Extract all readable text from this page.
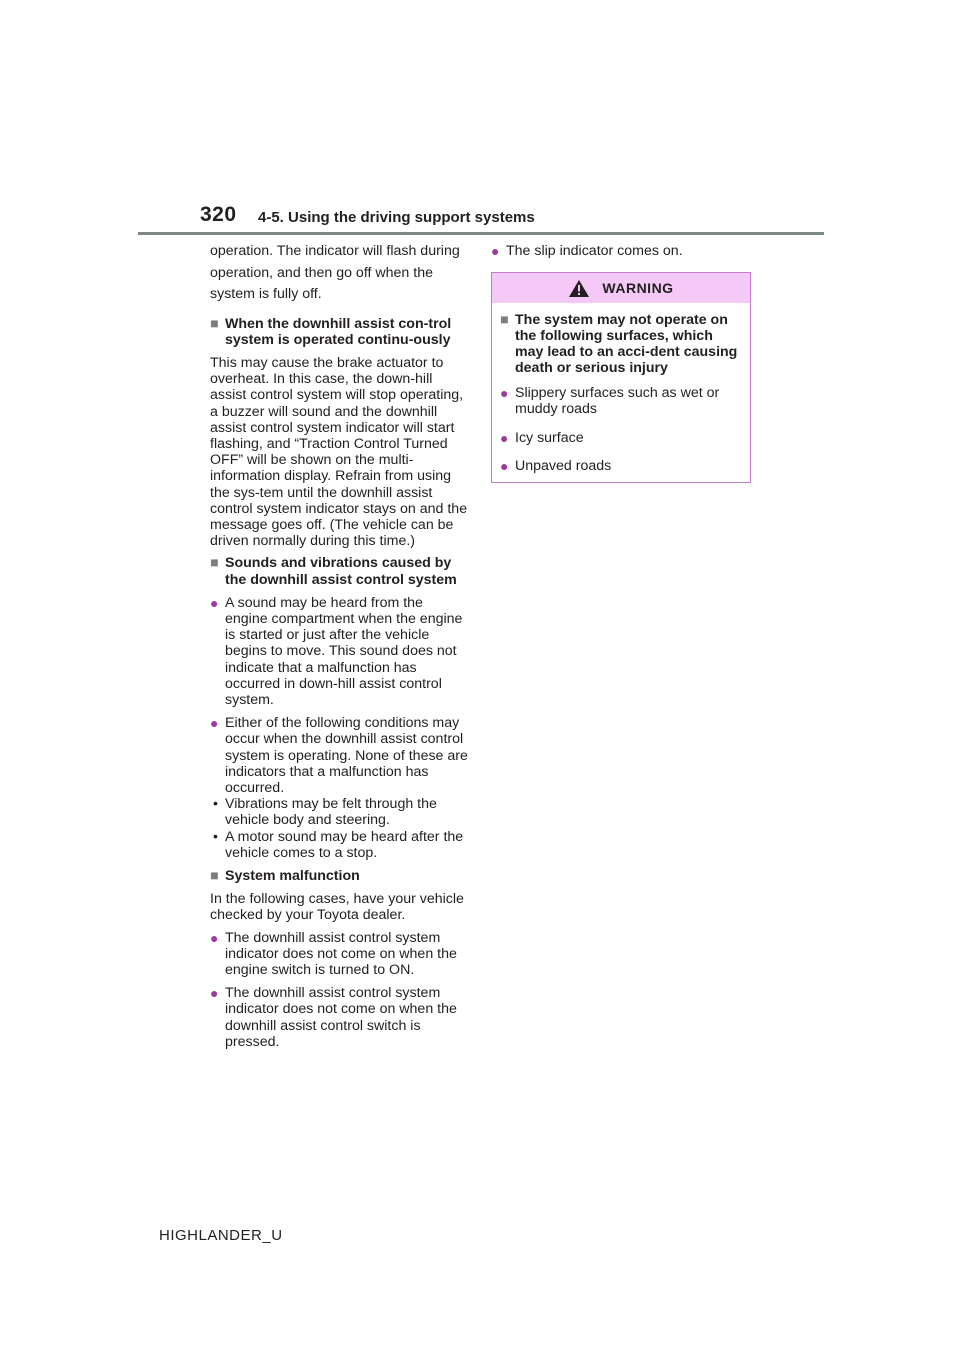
320 4-5. Using the driving support systems

operation. The indicator will flash during operation, and then go off when the system is fully off.

■ When the downhill assist con-trol system is operated continu-ously

This may cause the brake actuator to overheat. In this case, the down-hill assist control system will stop operating, a buzzer will sound and the downhill assist control system indicator will start flashing, and “Traction Control Turned OFF” will be shown on the multi-information display. Refrain from using the sys-tem until the downhill assist control system indicator stays on and the message goes off. (The vehicle can be driven normally during this time.)

■ Sounds and vibrations caused by the downhill assist control system
● A sound may be heard from the engine compartment when the engine is started or just after the vehicle begins to move. This sound does not indicate that a malfunction has occurred in down-hill assist control system.
● Either of the following conditions may occur when the downhill assist control system is operating. None of these are indicators that a malfunction has occurred.
• Vibrations may be felt through the vehicle body and steering.
• A motor sound may be heard after the vehicle comes to a stop.
■ System malfunction

In the following cases, have your vehicle checked by your Toyota dealer.

● The downhill assist control system indicator does not come on when the engine switch is turned to ON.
● The downhill assist control system indicator does not come on when the downhill assist control switch is pressed.
● The slip indicator comes on.
WARNING
■ The system may not operate on the following surfaces, which may lead to an acci-dent causing death or serious injury
● Slippery surfaces such as wet or muddy roads
● Icy surface
● Unpaved roads
HIGHLANDER_U
